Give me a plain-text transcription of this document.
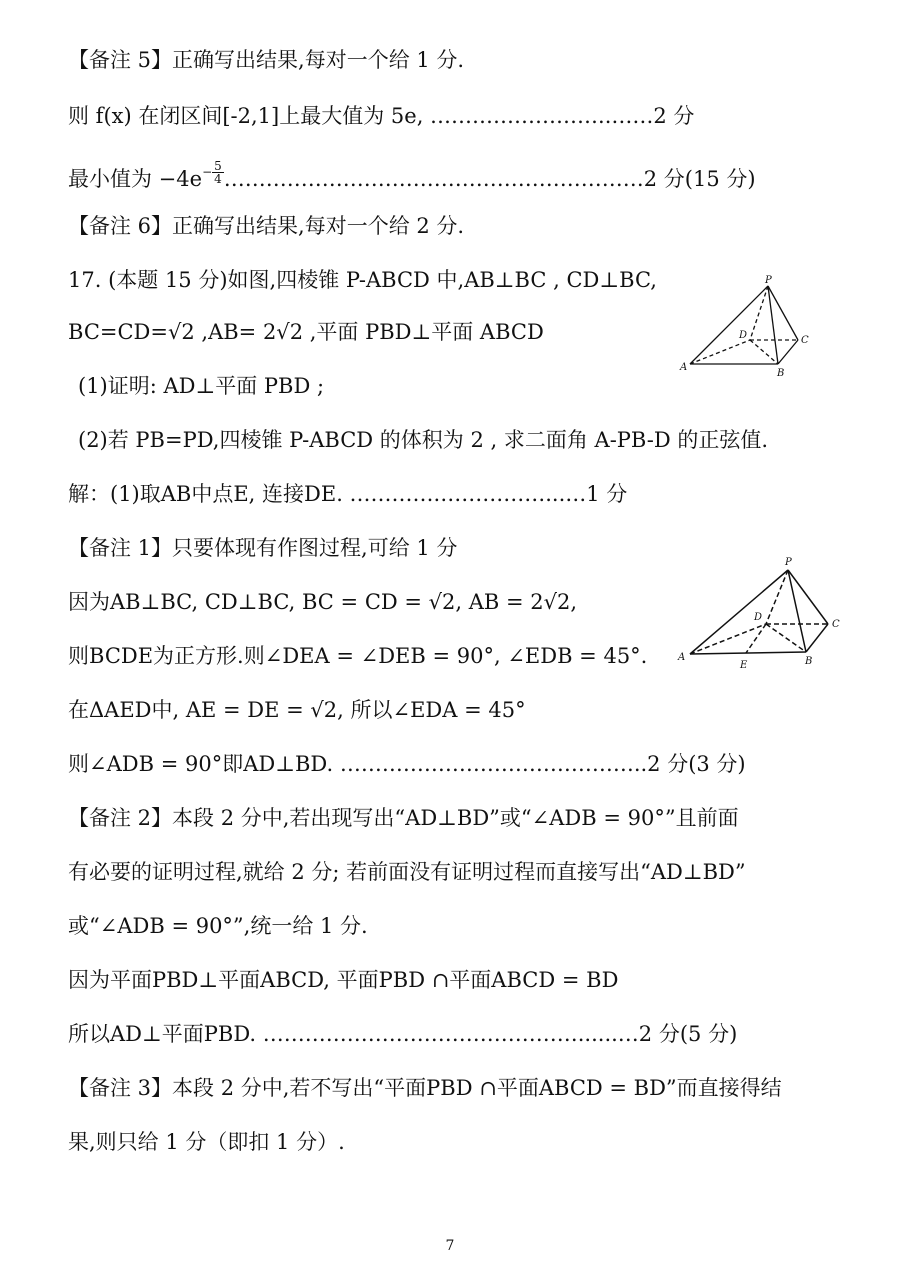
【备注 5】正确写出结果,每对一个给 1 分.
则 f(x) 在闭区间[-2,1]上最大值为 5e, ……………………..……2 分
最小值为 $-4e- \frac{5}{4}$ ……………………………………………………2 分(15 分)
【备注 6】正确写出结果,每对一个给 2 分.
17. (本题 15 分)如图,四棱锥 P-ABCD 中,AB⊥BC , CD⊥BC,
BC=CD=√2 ,AB= 2√2 ,平面 PBD⊥平面 ABCD
(1)证明: AD⊥平面 PBD ;
(2)若 PB=PD,四棱锥 P-ABCD 的体积为 2 , 求二面角 A-PB-D 的正弦值.
解：(1)取AB中点E, 连接DE. ………….……………...…1 分
【备注 1】只要体现有作图过程,可给 1 分
因为AB⊥BC, CD⊥BC, BC = CD = √2, AB = 2√2,
则BCDE为正方形.则∠DEA = ∠DEB = 90°, ∠EDB = 45°.
在ΔAED中, AE = DE = √2, 所以∠EDA = 45°
则∠ADB = 90°即AD⊥BD. ……………………………………..2 分(3 分)
【备注 2】本段 2 分中,若出现写出“AD⊥BD”或“∠ADB = 90°”且前面
有必要的证明过程,就给 2 分; 若前面没有证明过程而直接写出“AD⊥BD”
或“∠ADB = 90°”,统一给 1 分.
因为平面PBD⊥平面ABCD, 平面PBD ∩平面ABCD = BD
所以AD⊥平面PBD. ………………………………………......…2 分(5 分)
【备注 3】本段 2 分中,若不写出“平面PBD ∩平面ABCD = BD”而直接得结
果,则只给 1 分（即扣 1 分）.
P
A
B
C
D
P
A	B
C
D
E
7
